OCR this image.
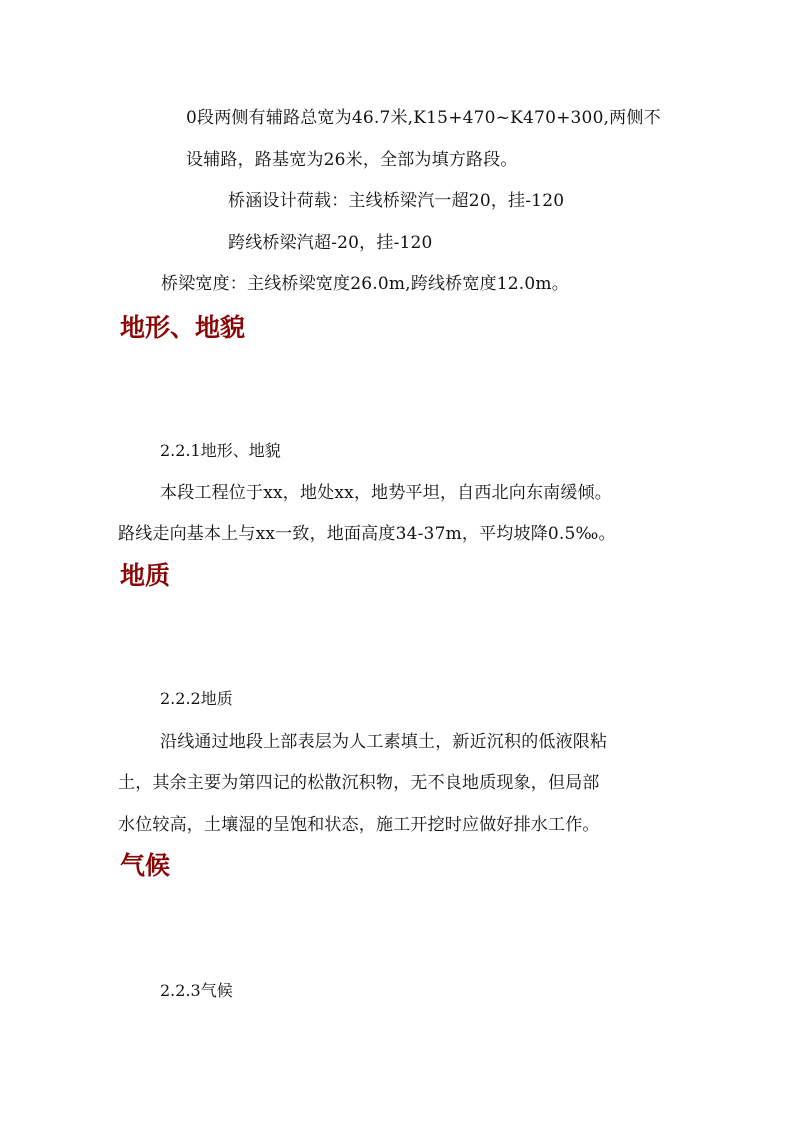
0段两侧有辅路总宽为46.7米,K15+470~K470+300,两侧不
设辅路，路基宽为26米，全部为填方路段。
桥涵设计荷载：主线桥梁汽一超20，挂-120
跨线桥梁汽超-20，挂-120
桥梁宽度：主线桥梁宽度26.0m,跨线桥宽度12.0m。
地形、地貌
2.2.1地形、地貌
本段工程位于xx，地处xx，地势平坦，自西北向东南缓倾。
路线走向基本上与xx一致，地面高度34-37m，平均坡降0.5‰。
地质
2.2.2地质
沿线通过地段上部表层为人工素填土，新近沉积的低液限粘
土，其余主要为第四记的松散沉积物，无不良地质现象，但局部
水位较高，土壤湿的呈饱和状态，施工开挖时应做好排水工作。
气候
2.2.3气候
